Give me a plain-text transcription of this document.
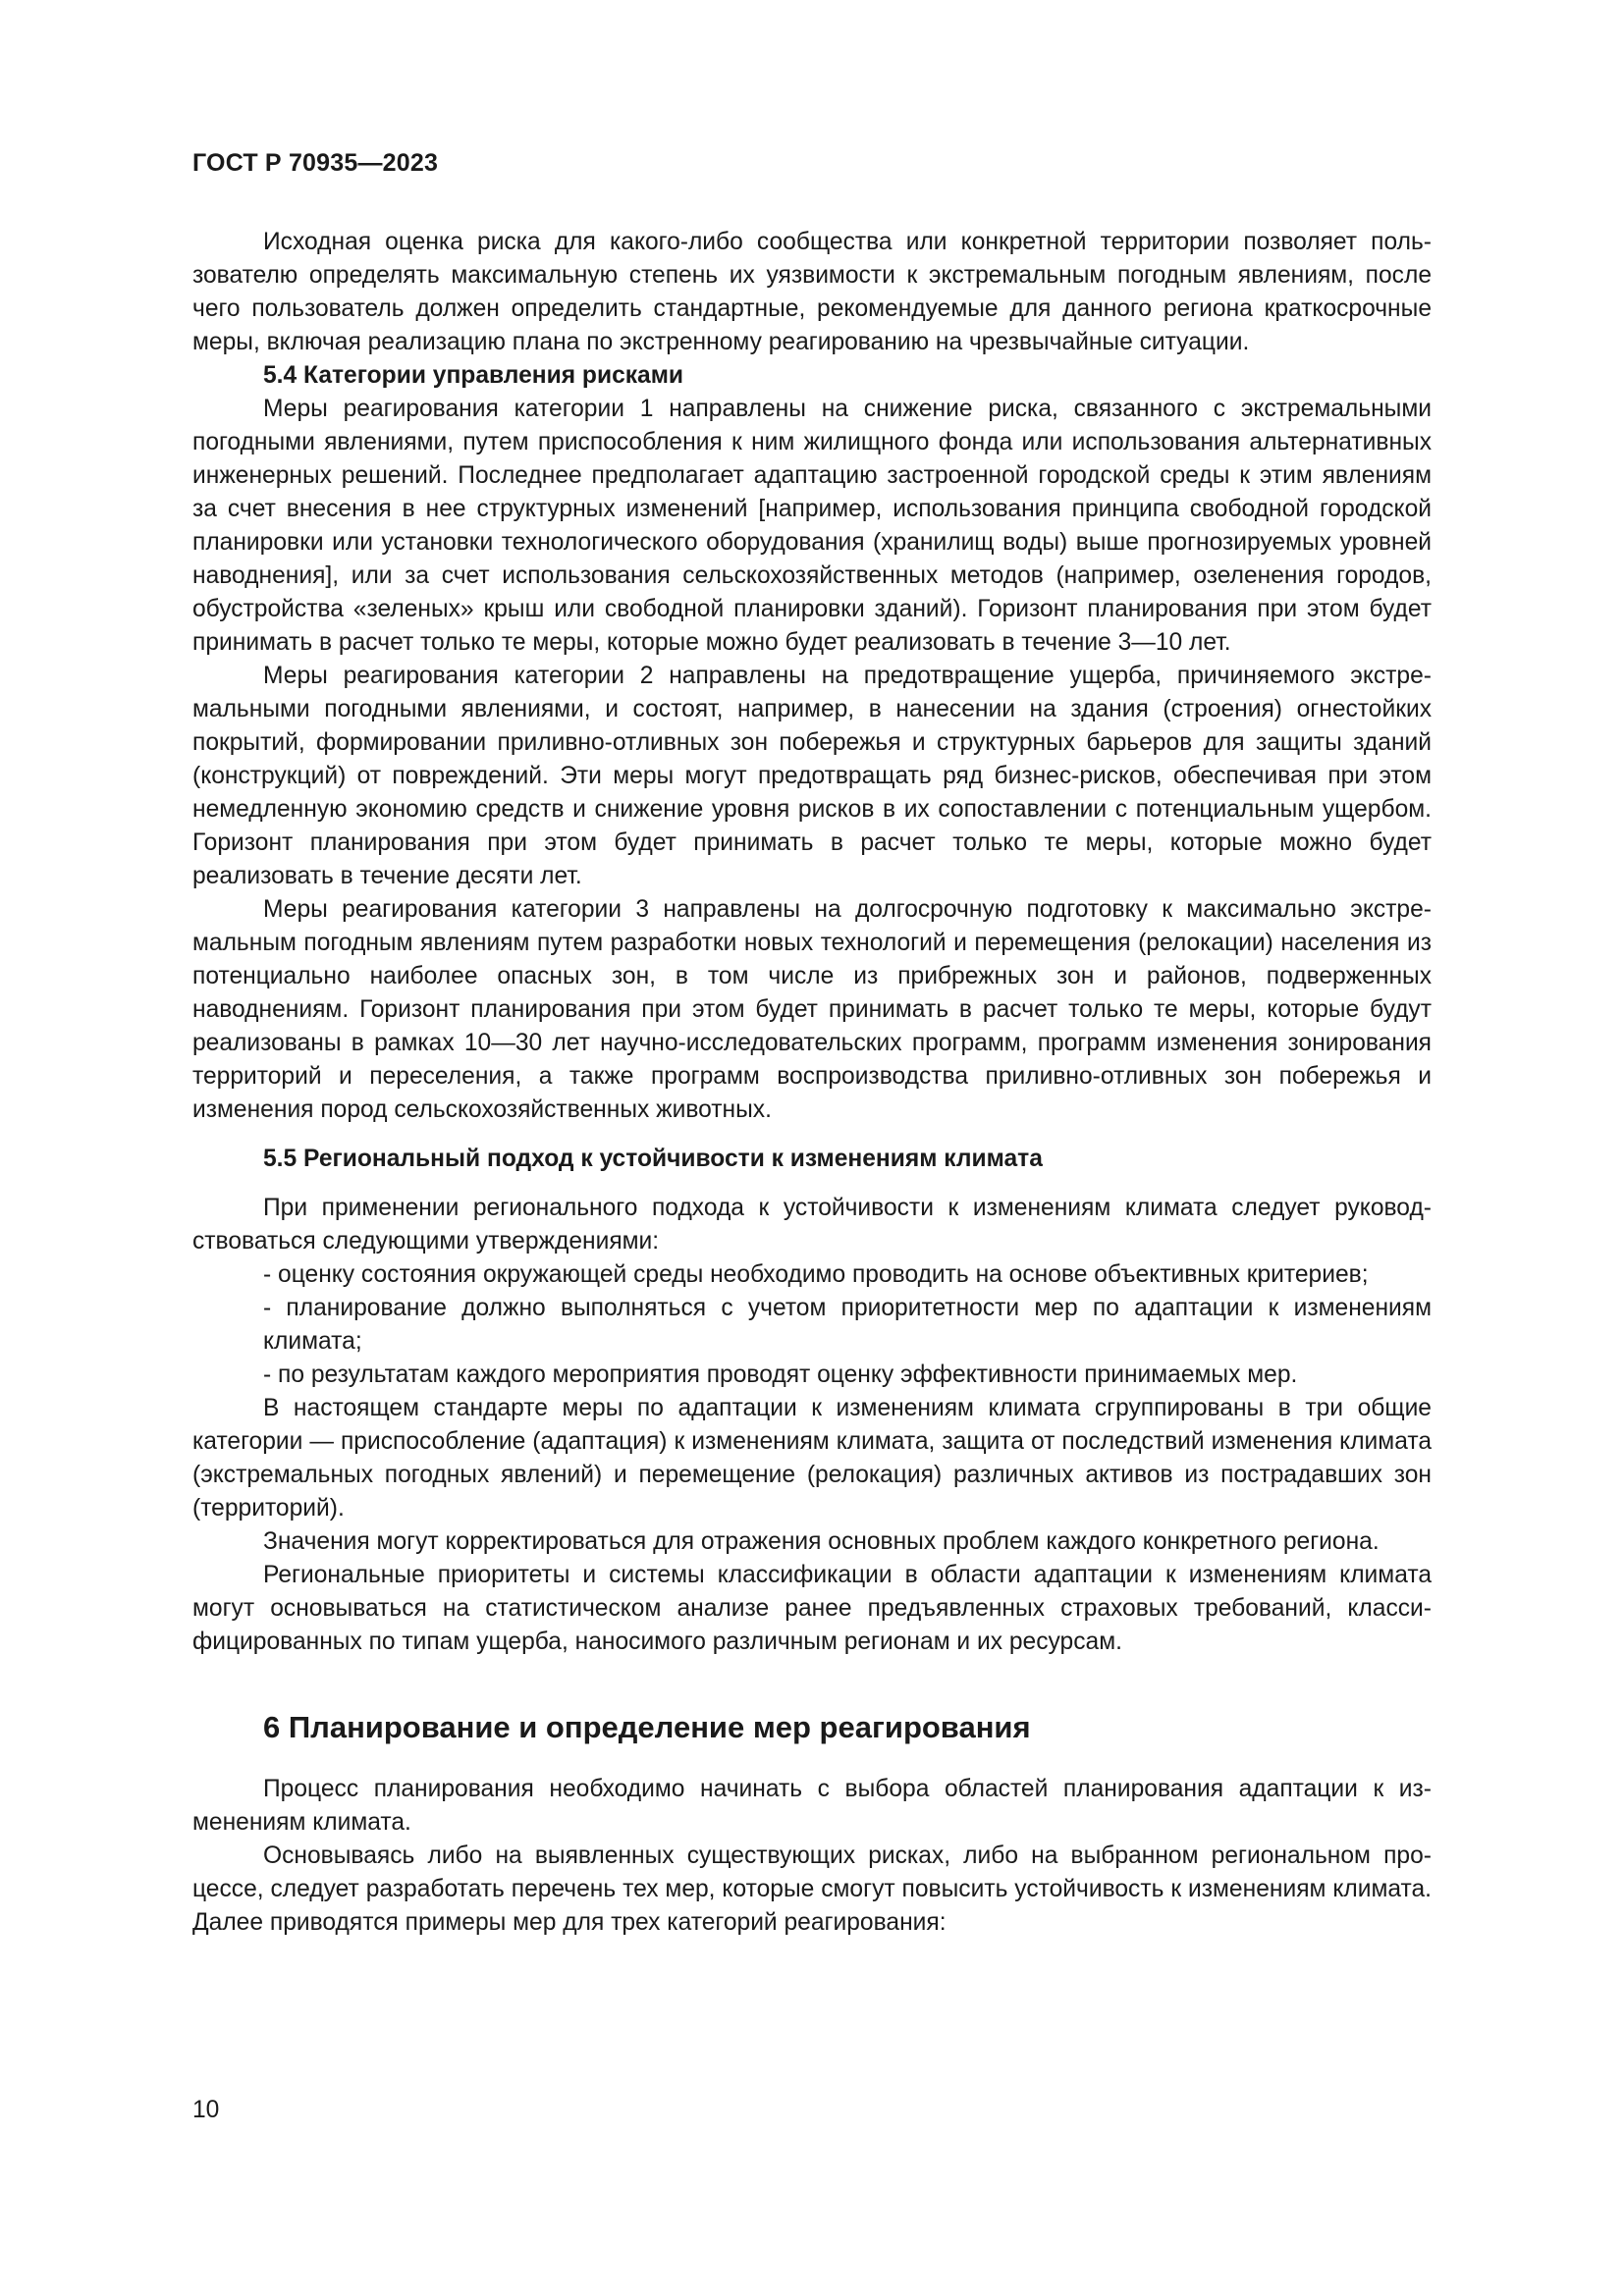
ГОСТ Р 70935—2023

Исходная оценка риска для какого-либо сообщества или конкретной территории позволяет пользователю определять максимальную степень их уязвимости к экстремальным погодным явлениям, после чего пользователь должен определить стандартные, рекомендуемые для данного региона краткосрочные меры, включая реализацию плана по экстренному реагированию на чрезвычайные ситуации.

5.4 Категории управления рисками

Меры реагирования категории 1 направлены на снижение риска, связанного с экстремальными погодными явлениями, путем приспособления к ним жилищного фонда или использования альтернативных инженерных решений. Последнее предполагает адаптацию застроенной городской среды к этим явлениям за счет внесения в нее структурных изменений [например, использования принципа свободной городской планировки или установки технологического оборудования (хранилищ воды) выше прогнозируемых уровней наводнения], или за счет использования сельскохозяйственных методов (например, озеленения городов, обустройства «зеленых» крыш или свободной планировки зданий). Горизонт планирования при этом будет принимать в расчет только те меры, которые можно будет реализовать в течение 3—10 лет.

Меры реагирования категории 2 направлены на предотвращение ущерба, причиняемого экстремальными погодными явлениями, и состоят, например, в нанесении на здания (строения) огнестойких покрытий, формировании приливно-отливных зон побережья и структурных барьеров для защиты зданий (конструкций) от повреждений. Эти меры могут предотвращать ряд бизнес-рисков, обеспечивая при этом немедленную экономию средств и снижение уровня рисков в их сопоставлении с потенциальным ущербом. Горизонт планирования при этом будет принимать в расчет только те меры, которые можно будет реализовать в течение десяти лет.

Меры реагирования категории 3 направлены на долгосрочную подготовку к максимально экстремальным погодным явлениям путем разработки новых технологий и перемещения (релокации) населения из потенциально наиболее опасных зон, в том числе из прибрежных зон и районов, подверженных наводнениям. Горизонт планирования при этом будет принимать в расчет только те меры, которые будут реализованы в рамках 10—30 лет научно-исследовательских программ, программ изменения зонирования территорий и переселения, а также программ воспроизводства приливно-отливных зон побережья и изменения пород сельскохозяйственных животных.

5.5 Региональный подход к устойчивости к изменениям климата

При применении регионального подхода к устойчивости к изменениям климата следует руководствоваться следующими утверждениями:

- оценку состояния окружающей среды необходимо проводить на основе объективных критериев;
- планирование должно выполняться с учетом приоритетности мер по адаптации к изменениям климата;
- по результатам каждого мероприятия проводят оценку эффективности принимаемых мер.

В настоящем стандарте меры по адаптации к изменениям климата сгруппированы в три общие категории — приспособление (адаптация) к изменениям климата, защита от последствий изменения климата (экстремальных погодных явлений) и перемещение (релокация) различных активов из пострадавших зон (территорий).

Значения могут корректироваться для отражения основных проблем каждого конкретного региона.

Региональные приоритеты и системы классификации в области адаптации к изменениям климата могут основываться на статистическом анализе ранее предъявленных страховых требований, классифицированных по типам ущерба, наносимого различным регионам и их ресурсам.

6 Планирование и определение мер реагирования

Процесс планирования необходимо начинать с выбора областей планирования адаптации к изменениям климата.

Основываясь либо на выявленных существующих рисках, либо на выбранном региональном процессе, следует разработать перечень тех мер, которые смогут повысить устойчивость к изменениям климата. Далее приводятся примеры мер для трех категорий реагирования:

10
